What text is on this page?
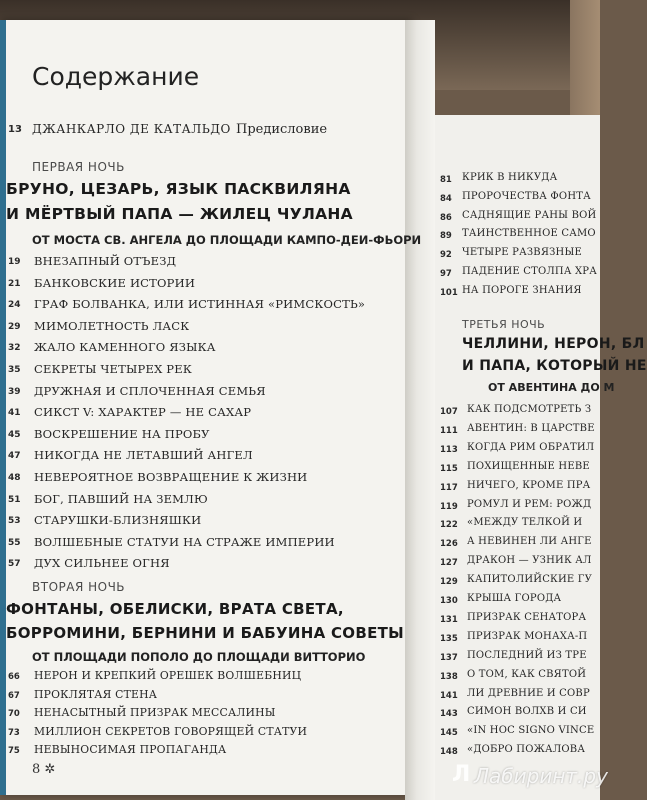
Содержание
13 ДЖАНКАРЛО ДЕ КАТАЛЬДО Предисловие
ПЕРВАЯ НОЧЬ
БРУНО, ЦЕЗАРЬ, ЯЗЫК ПАСКВИЛЯНА
И МЁРТВЫЙ ПАПА — ЖИЛЕЦ ЧУЛАНА
ОТ МОСТА СВ. АНГЕЛА ДО ПЛОЩАДИ КАМПО-ДЕИ-ФЬОРИ
19 ВНЕЗАПНЫЙ ОТЪЕЗД
21 БАНКОВСКИЕ ИСТОРИИ
24 ГРАФ БОЛВАНКА, ИЛИ ИСТИННАЯ «РИМСКОСТЬ»
29 МИМОЛЕТНОСТЬ ЛАСК
32 ЖАЛО КАМЕННОГО ЯЗЫКА
35 СЕКРЕТЫ ЧЕТЫРЕХ РЕК
39 ДРУЖНАЯ И СПЛОЧЕННАЯ СЕМЬЯ
41 СИКСТ V: ХАРАКТЕР — НЕ САХАР
45 ВОСКРЕШЕНИЕ НА ПРОБУ
47 НИКОГДА НЕ ЛЕТАВШИЙ АНГЕЛ
48 НЕВЕРОЯТНОЕ ВОЗВРАЩЕНИЕ К ЖИЗНИ
51 БОГ, ПАВШИЙ НА ЗЕМЛЮ
53 СТАРУШКИ-БЛИЗНЯШКИ
55 ВОЛШЕБНЫЕ СТАТУИ НА СТРАЖЕ ИМПЕРИИ
57 ДУХ СИЛЬНЕЕ ОГНЯ
ВТОРАЯ НОЧЬ
ФОНТАНЫ, ОБЕЛИСКИ, ВРАТА СВЕТА,
БОРРОМИНИ, БЕРНИНИ И БАБУИНА СОВЕТЫ
ОТ ПЛОЩАДИ ПОПОЛО ДО ПЛОЩАДИ ВИТТОРИО
66 НЕРОН И КРЕПКИЙ ОРЕШЕК ВОЛШЕБНИЦ
67 ПРОКЛЯТАЯ СТЕНА
70 НЕНАСЫТНЫЙ ПРИЗРАК МЕССАЛИНЫ
73 МИЛЛИОН СЕКРЕТОВ ГОВОРЯЩЕЙ СТАТУИ
75 НЕВЫНОСИМАЯ ПРОПАГАНДА
8 ✲
81 КРИК В НИКУДА
84 ПРОРОЧЕСТВА ФОНТА
86 САДНЯЩИЕ РАНЫ ВОЙ
89 ТАИНСТВЕННОЕ САМО
92 ЧЕТЫРЕ РАЗВЯЗНЫЕ
97 ПАДЕНИЕ СТОЛПА ХРА
101 НА ПОРОГЕ ЗНАНИЯ
ТРЕТЬЯ НОЧЬ
ЧЕЛЛИНИ, НЕРОН, БЛ
И ПАПА, КОТОРЫЙ НЕ
ОТ АВЕНТИНА ДО М
107 КАК ПОДСМОТРЕТЬ З
111 АВЕНТИН: В ЦАРСТВЕ
113 КОГДА РИМ ОБРАТИЛ
115 ПОХИЩЕННЫЕ НЕВЕ
117 НИЧЕГО, КРОМЕ ПРА
119 РОМУЛ И РЕМ: РОЖД
122 «МЕЖДУ ТЕЛКОЙ И
126 А НЕВИНЕН ЛИ АНГЕ
127 ДРАКОН — УЗНИК АЛ
129 КАПИТОЛИЙСКИЕ ГУ
130 КРЫША ГОРОДА
131 ПРИЗРАК СЕНАТОРА
135 ПРИЗРАК МОНАХА-П
137 ПОСЛЕДНИЙ ИЗ ТРЕ
138 О ТОМ, КАК СВЯТОЙ
141 ЛИ ДРЕВНИЕ И СОВР
143 СИМОН ВОЛХВ И СИ
145 «IN HOC SIGNO VINCE
148 «ДОБРО ПОЖАЛОВА
Л Лабиринт.ру
